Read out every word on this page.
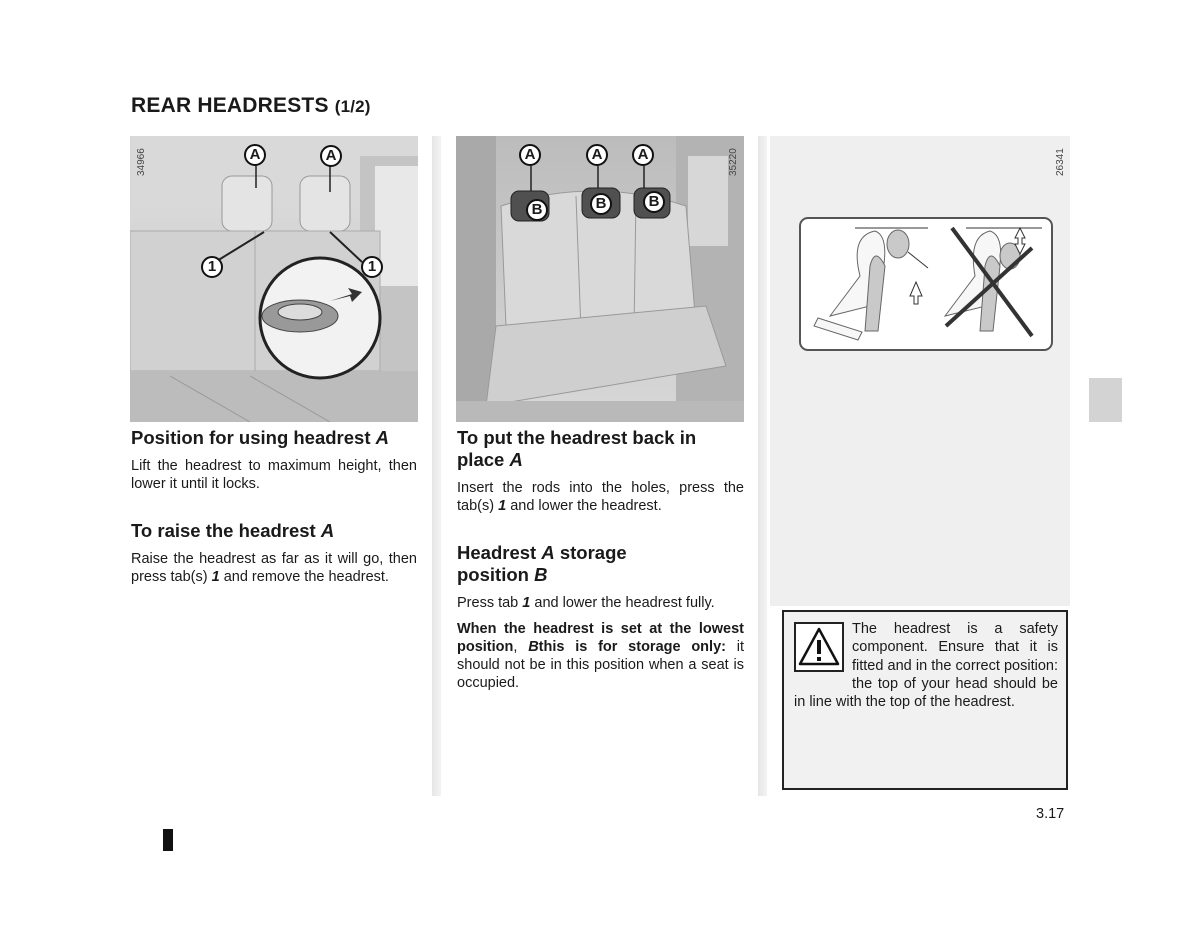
REAR HEADRESTS (1/2)
A	A
1	1
34966	A	A	A
B	B	B
35220	26341
Position for using headrest A

Lift the headrest to maximum height, then lower it until it locks.

To raise the headrest A

Raise the headrest as far as it will go, then press tab(s) 1 and remove the headrest.

To put the headrest back in
place A

Insert the rods into the holes, press the tab(s) 1 and lower the headrest.

Headrest A storage
position B

Press tab 1 and lower the headrest fully.

When the headrest is set at the lowest position, Bthis is for storage only: it should not be in this position when a seat is occupied.

The headrest is a safety component. Ensure that it is fitted and in the correct position: the top of your head should be in line with the top of the headrest.

3.17
